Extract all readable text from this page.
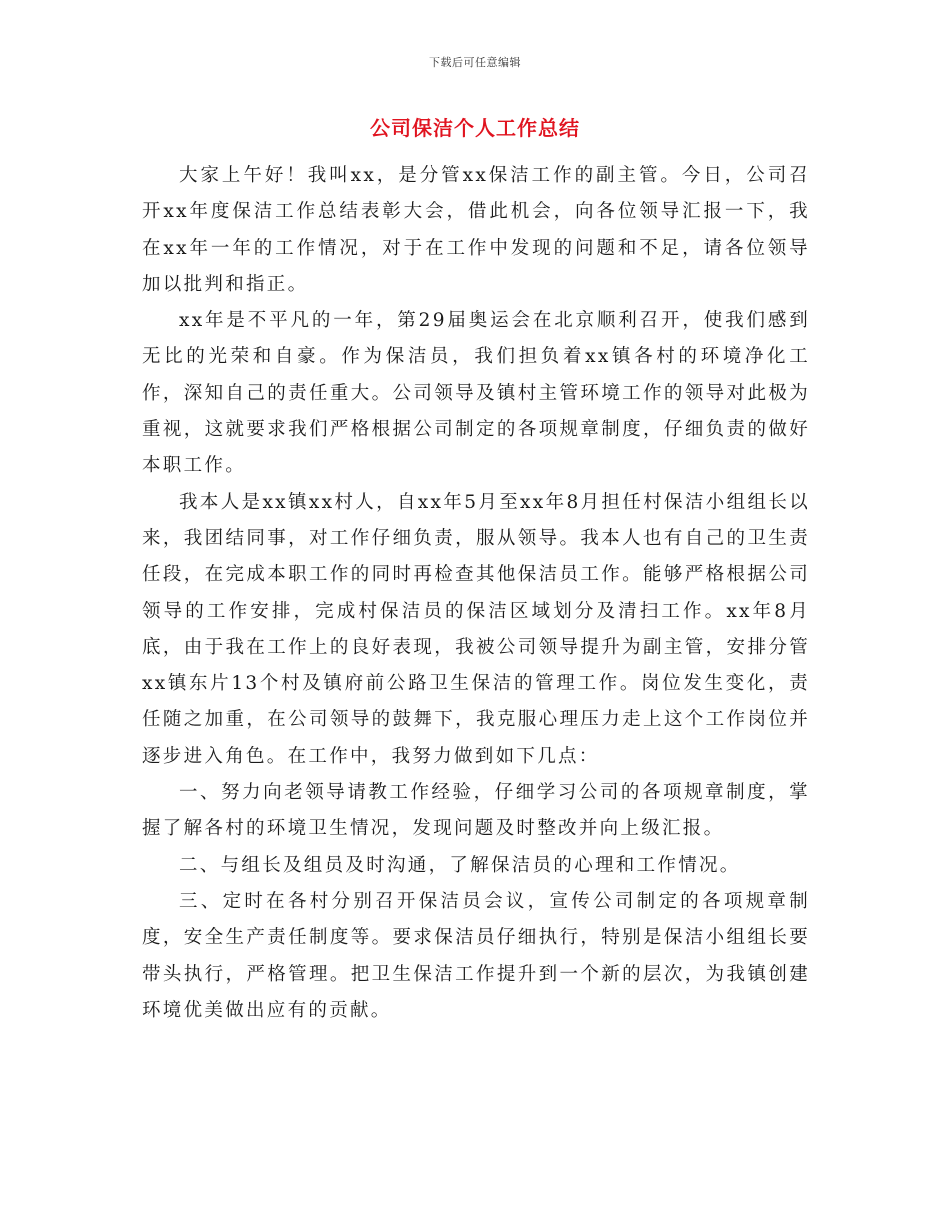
下载后可任意编辑
公司保洁个人工作总结

大家上午好！我叫xx，是分管xx保洁工作的副主管。今日，公司召开xx年度保洁工作总结表彰大会，借此机会，向各位领导汇报一下，我在xx年一年的工作情况，对于在工作中发现的问题和不足，请各位领导加以批判和指正。

xx年是不平凡的一年，第29届奥运会在北京顺利召开，使我们感到无比的光荣和自豪。作为保洁员，我们担负着xx镇各村的环境净化工作，深知自己的责任重大。公司领导及镇村主管环境工作的领导对此极为重视，这就要求我们严格根据公司制定的各项规章制度，仔细负责的做好本职工作。

我本人是xx镇xx村人，自xx年5月至xx年8月担任村保洁小组组长以来，我团结同事，对工作仔细负责，服从领导。我本人也有自己的卫生责任段，在完成本职工作的同时再检查其他保洁员工作。能够严格根据公司领导的工作安排，完成村保洁员的保洁区域划分及清扫工作。xx年8月底，由于我在工作上的良好表现，我被公司领导提升为副主管，安排分管xx镇东片13个村及镇府前公路卫生保洁的管理工作。岗位发生变化，责任随之加重，在公司领导的鼓舞下，我克服心理压力走上这个工作岗位并逐步进入角色。在工作中，我努力做到如下几点：

一、努力向老领导请教工作经验，仔细学习公司的各项规章制度，掌握了解各村的环境卫生情况，发现问题及时整改并向上级汇报。

二、与组长及组员及时沟通，了解保洁员的心理和工作情况。

三、定时在各村分别召开保洁员会议，宣传公司制定的各项规章制度，安全生产责任制度等。要求保洁员仔细执行，特别是保洁小组组长要带头执行，严格管理。把卫生保洁工作提升到一个新的层次，为我镇创建环境优美做出应有的贡献。
